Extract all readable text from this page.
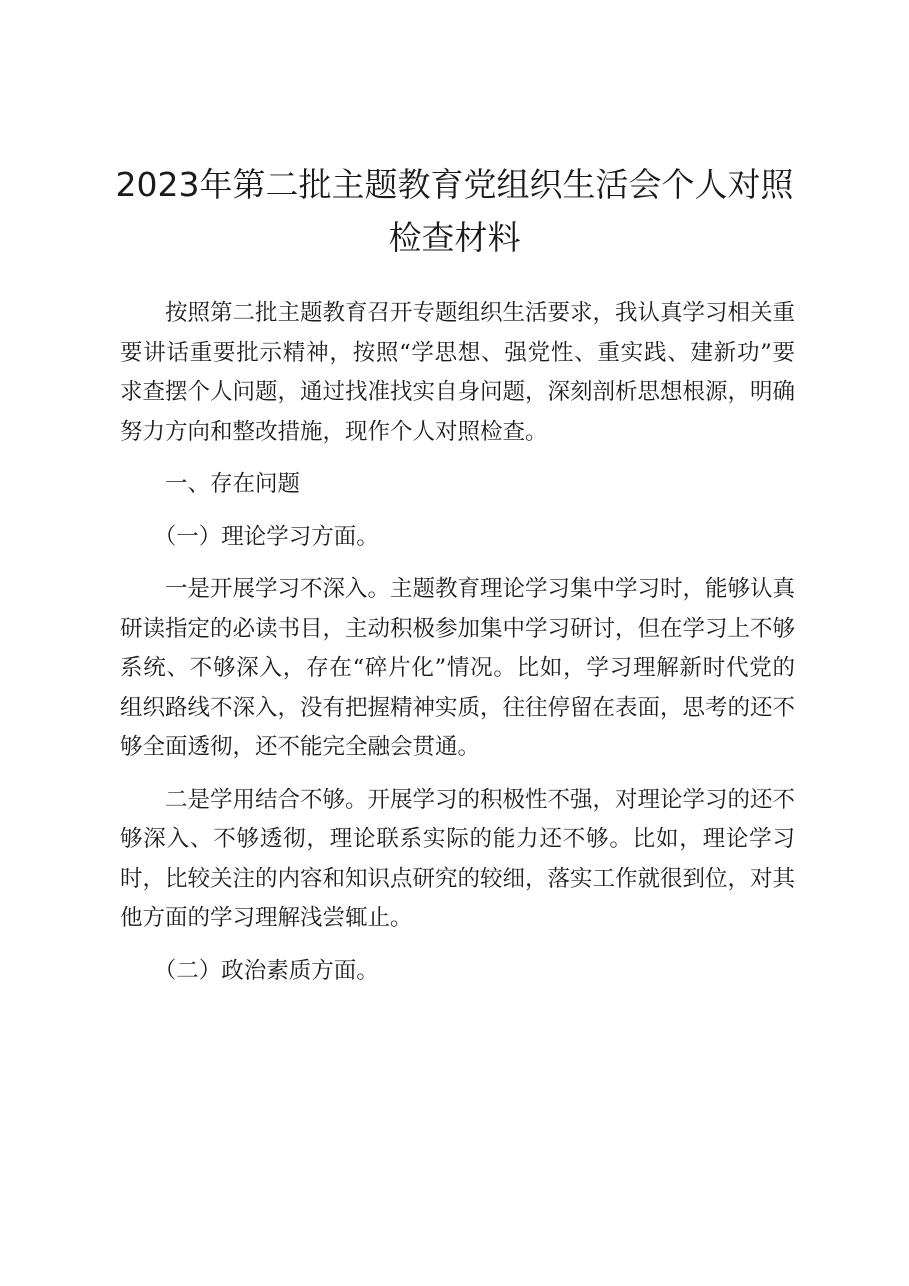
2023年第二批主题教育党组织生活会个人对照检查材料

按照第二批主题教育召开专题组织生活要求，我认真学习相关重要讲话重要批示精神，按照“学思想、强党性、重实践、建新功”要求查摆个人问题，通过找准找实自身问题，深刻剖析思想根源，明确努力方向和整改措施，现作个人对照检查。

一、存在问题

（一）理论学习方面。

一是开展学习不深入。主题教育理论学习集中学习时，能够认真研读指定的必读书目，主动积极参加集中学习研讨，但在学习上不够系统、不够深入，存在“碎片化”情况。比如，学习理解新时代党的组织路线不深入，没有把握精神实质，往往停留在表面，思考的还不够全面透彻，还不能完全融会贯通。

二是学用结合不够。开展学习的积极性不强，对理论学习的还不够深入、不够透彻，理论联系实际的能力还不够。比如，理论学习时，比较关注的内容和知识点研究的较细，落实工作就很到位，对其他方面的学习理解浅尝辄止。

（二）政治素质方面。
